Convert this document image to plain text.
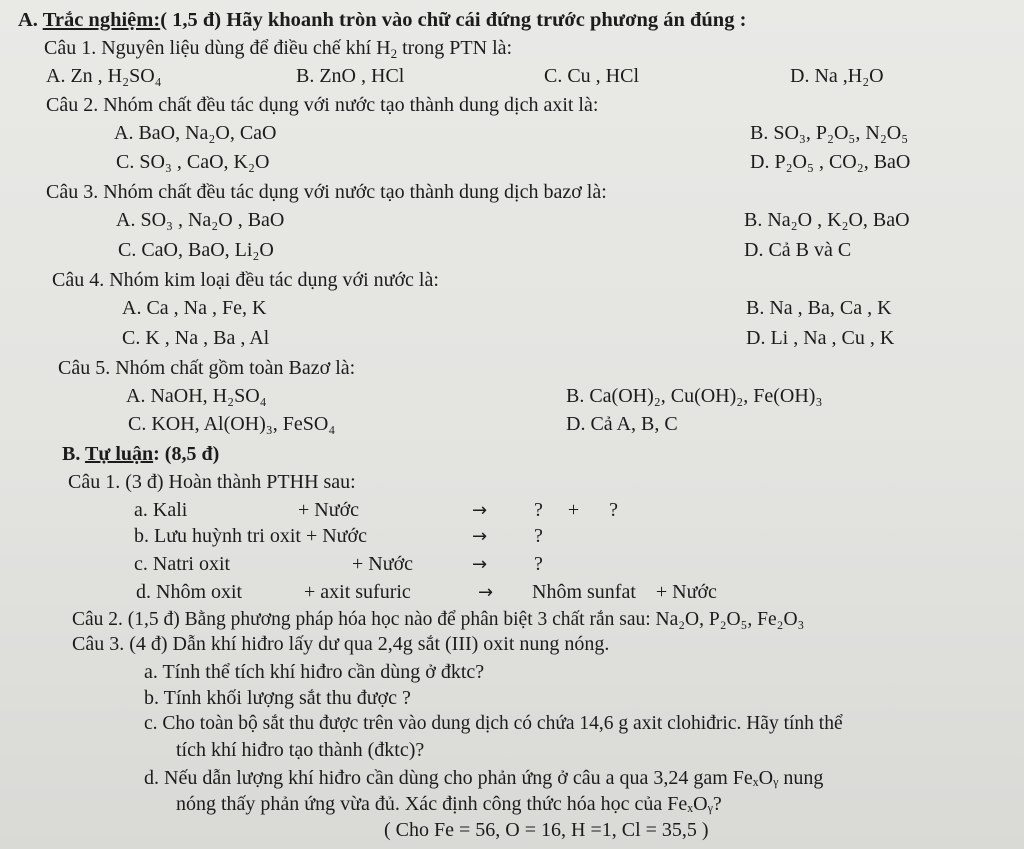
A. Trắc nghiệm:( 1,5 đ) Hãy khoanh tròn vào chữ cái đứng trước phương án đúng :
Câu 1. Nguyên liệu dùng để điều chế khí $H_2$ trong PTN là:
A. Zn , H₂SO₄	B. ZnO , HCl	C. Cu , HCl	D. Na ,H₂O
Câu 2. Nhóm chất đều tác dụng với nước tạo thành dung dịch axit là:
A. BaO, Na₂O, CaO	B. SO₃, P₂O₅, N₂O₅
C. SO₃ , CaO, K₂O	D. P₂O₅ , CO₂, BaO
Câu 3. Nhóm chất đều tác dụng với nước tạo thành dung dịch bazơ là:
A. SO₃ , Na₂O , BaO	B. Na₂O , K₂O, BaO
C. CaO, BaO, Li₂O	D. Cả B và C
Câu 4. Nhóm kim loại đều tác dụng với nước là:
A. Ca , Na , Fe, K	B. Na , Ba, Ca , K
C. K , Na , Ba , Al	D. Li , Na , Cu , K
Câu 5. Nhóm chất gồm toàn Bazơ là:
A. NaOH, H₂SO₄	B. Ca(OH)₂, Cu(OH)₂, Fe(OH)₃
C. KOH, Al(OH)₃, FeSO₄	D. Cả A, B, C
B. Tự luận: (8,5 đ)
Câu 1. (3 đ) Hoàn thành PTHH sau:
a. Kali	+ Nước	→ ?     +      ?
b. Lưu huỳnh tri oxit + Nước	→ ?
c. Natri oxit	+ Nước	→ ?
d. Nhôm oxit	+ axit sufuric	→ Nhôm sunfat    + Nước
Câu 2. (1,5 đ) Bằng phương pháp hóa học nào để phân biệt 3 chất rắn sau: Na₂O, P₂O₅, Fe₂O₃
Câu 3. (4 đ) Dẫn khí hiđro lấy dư qua 2,4g sắt (III) oxit nung nóng.
a. Tính thể tích khí hiđro cần dùng ở đktc?
b. Tính khối lượng sắt thu được ?
c. Cho toàn bộ sắt thu được trên vào dung dịch có chứa 14,6 g axit clohiđric. Hãy tính thể
tích khí hiđro tạo thành (đktc)?
d. Nếu dẫn lượng khí hiđro cần dùng cho phản ứng ở câu a qua 3,24 gam FeₓOᵧ nung
nóng thấy phản ứng vừa đủ. Xác định công thức hóa học của FeₓOᵧ?
( Cho Fe = 56, O = 16, H =1, Cl = 35,5 )
